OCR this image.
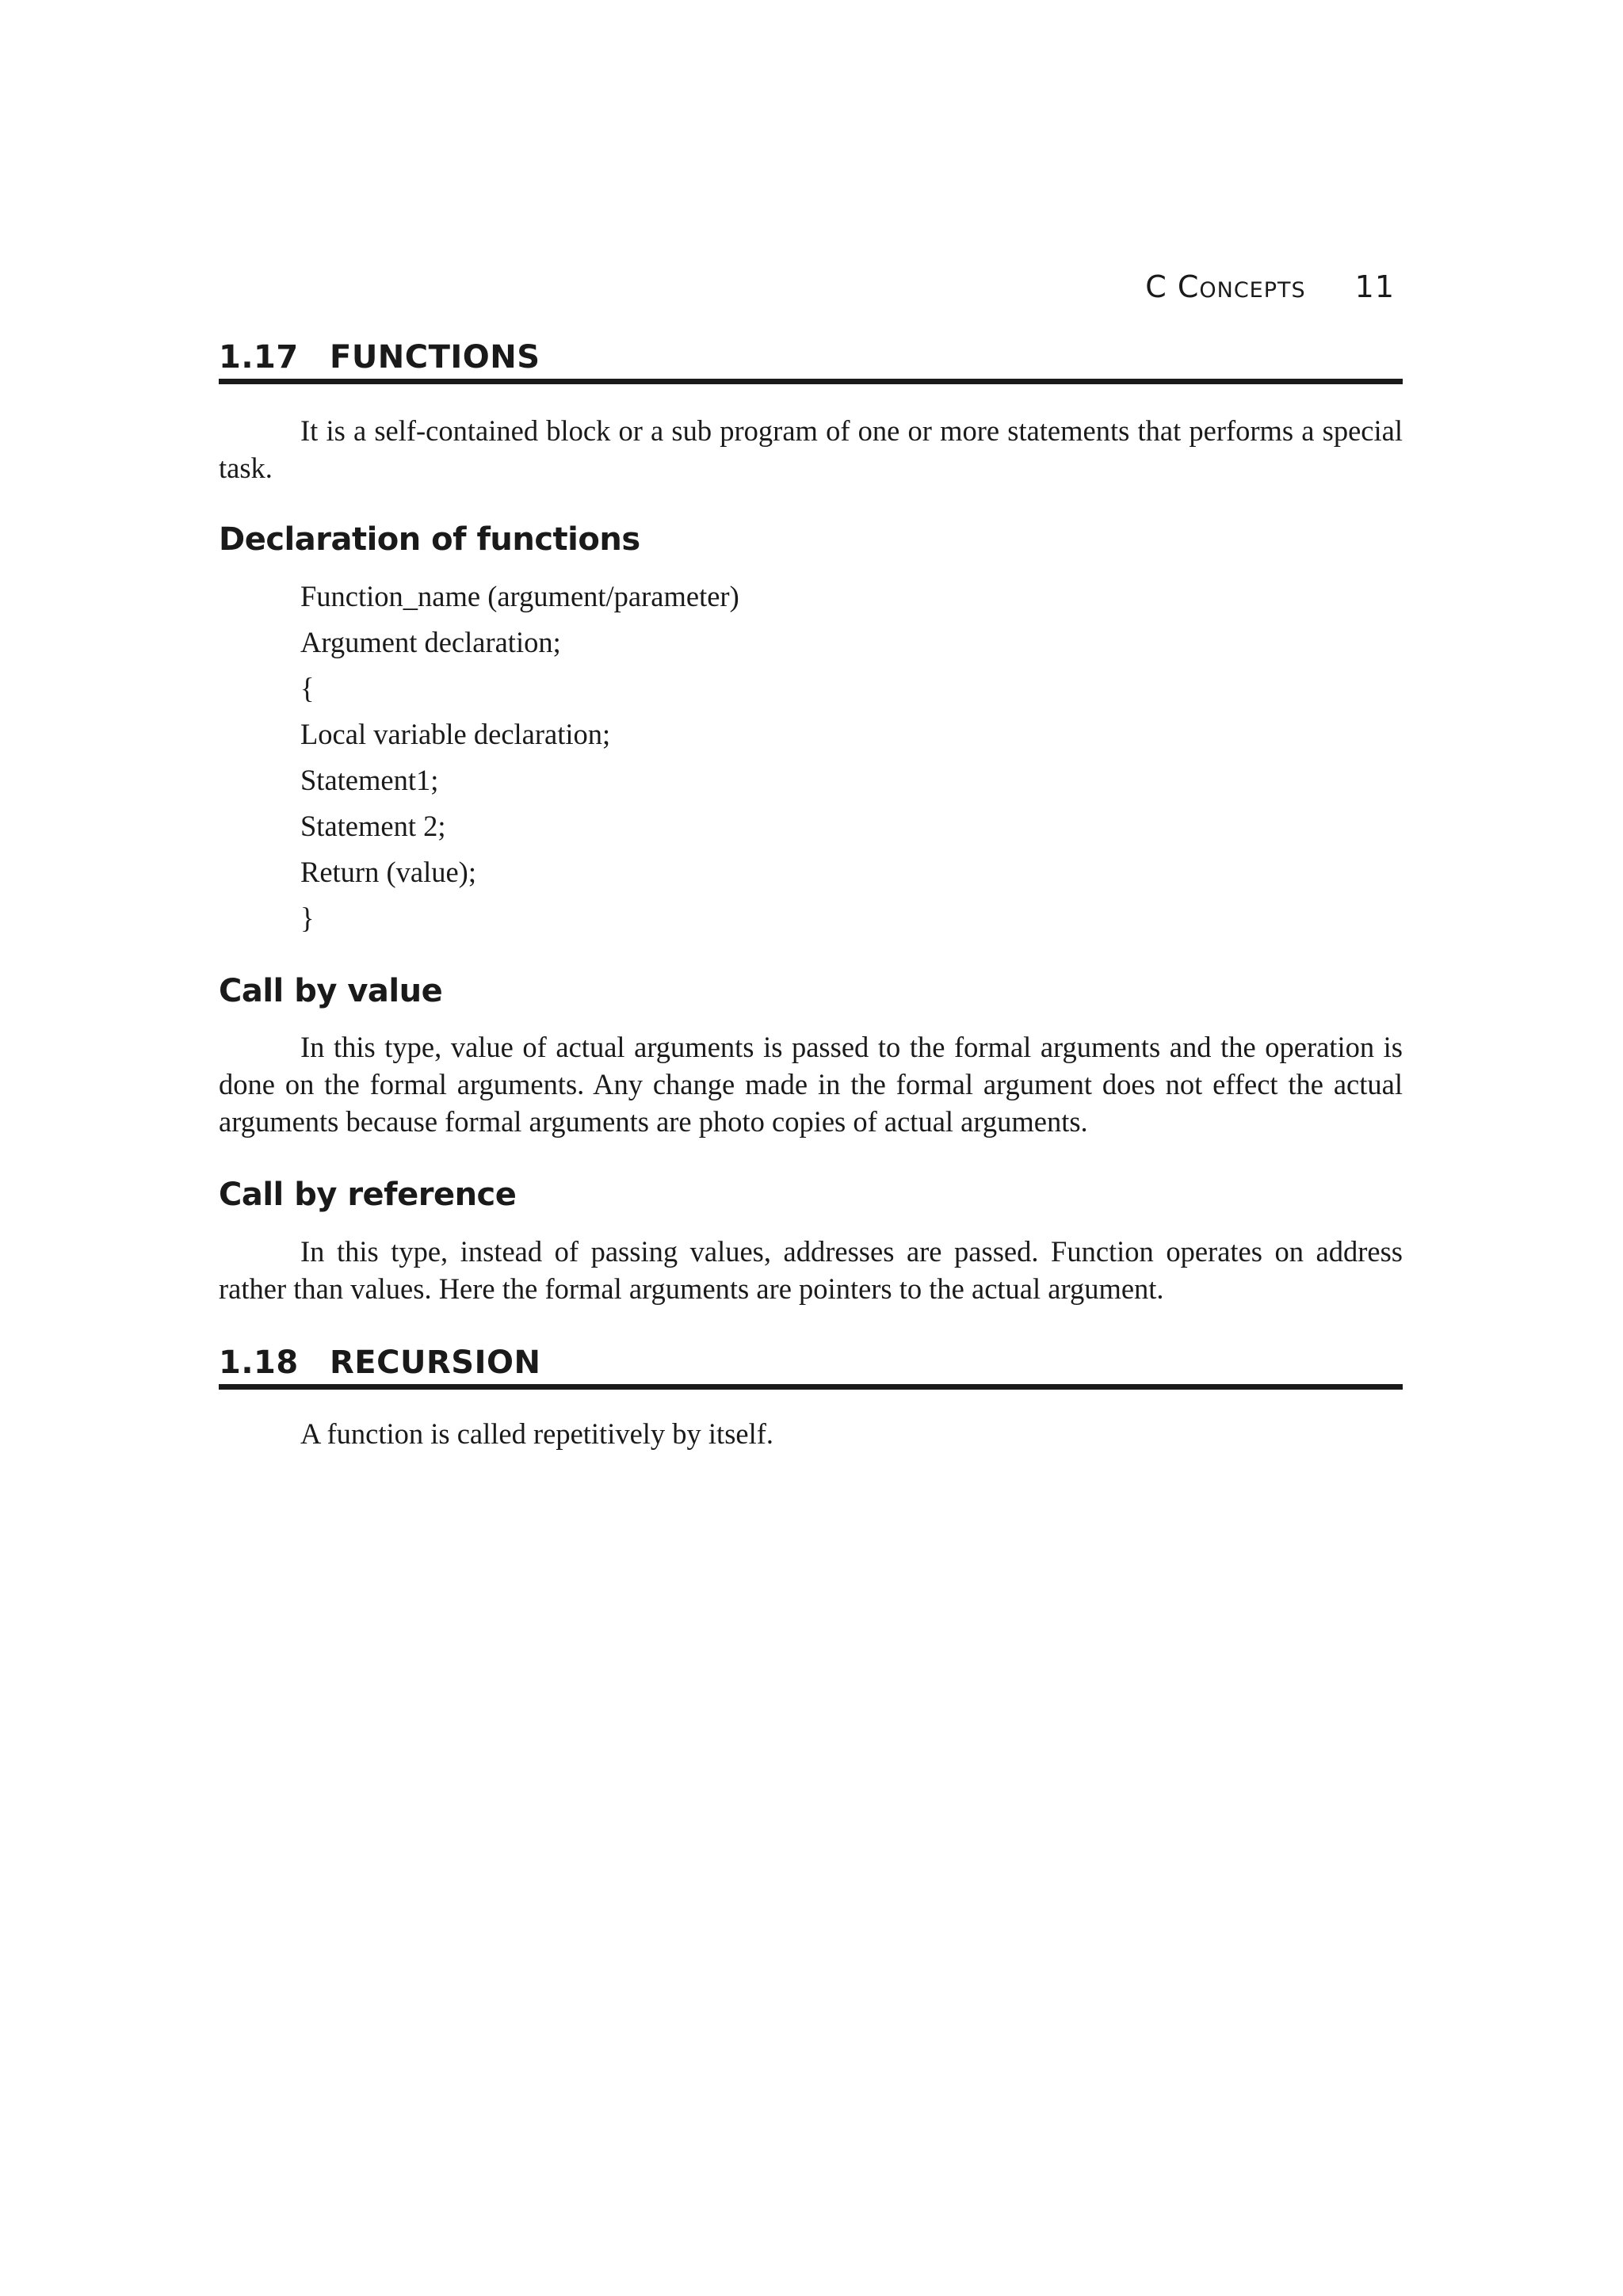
C Concepts 11
1.17 FUNCTIONS

It is a self-contained block or a sub program of one or more statements that performs a special task.

Declaration of functions
Function_name (argument/parameter)
Argument declaration;
{
Local variable declaration;
Statement1;
Statement 2;
Return (value);
}
Call by value

In this type, value of actual arguments is passed to the formal arguments and the operation is done on the formal arguments. Any change made in the formal argument does not effect the actual arguments because formal arguments are photo copies of actual arguments.

Call by reference

In this type, instead of passing values, addresses are passed. Function operates on address rather than values. Here the formal arguments are pointers to the actual argument.

1.18 RECURSION

A function is called repetitively by itself.
